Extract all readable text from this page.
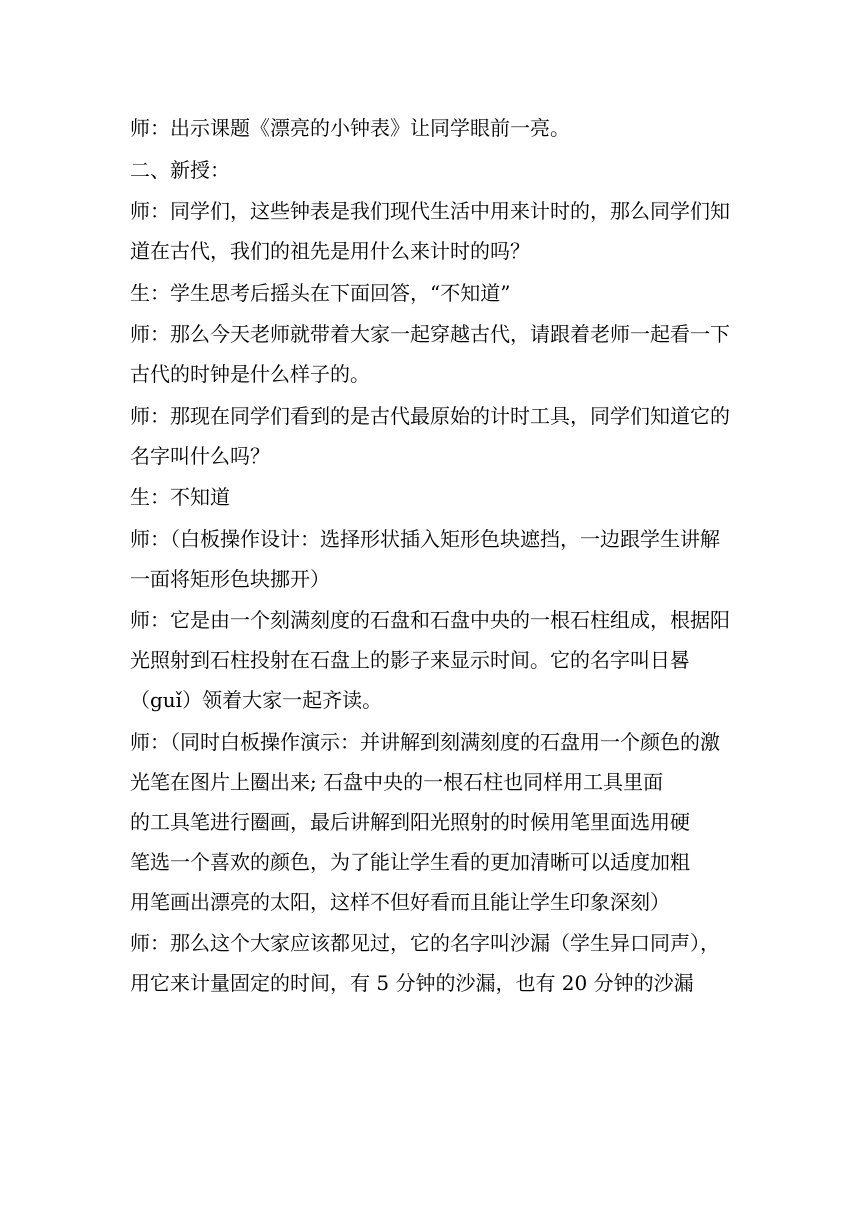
师：出示课题《漂亮的小钟表》让同学眼前一亮。
二、新授：
师：同学们，这些钟表是我们现代生活中用来计时的，那么同学们知
道在古代，我们的祖先是用什么来计时的吗？
生：学生思考后摇头在下面回答，“不知道”
师：那么今天老师就带着大家一起穿越古代，请跟着老师一起看一下
古代的时钟是什么样子的。
师：那现在同学们看到的是古代最原始的计时工具，同学们知道它的
名字叫什么吗？
生：不知道
师：（白板操作设计：选择形状插入矩形色块遮挡，一边跟学生讲解
一面将矩形色块挪开）
师：它是由一个刻满刻度的石盘和石盘中央的一根石柱组成，根据阳
光照射到石柱投射在石盘上的影子来显示时间。它的名字叫日晷
（guǐ）领着大家一起齐读。
师：（同时白板操作演示：并讲解到刻满刻度的石盘用一个颜色的激
光笔在图片上圈出来; 石盘中央的一根石柱也同样用工具里面
的工具笔进行圈画，最后讲解到阳光照射的时候用笔里面选用硬
笔选一个喜欢的颜色，为了能让学生看的更加清晰可以适度加粗
用笔画出漂亮的太阳，这样不但好看而且能让学生印象深刻）
师：那么这个大家应该都见过，它的名字叫沙漏（学生异口同声），
用它来计量固定的时间，有 5 分钟的沙漏，也有 20 分钟的沙漏
